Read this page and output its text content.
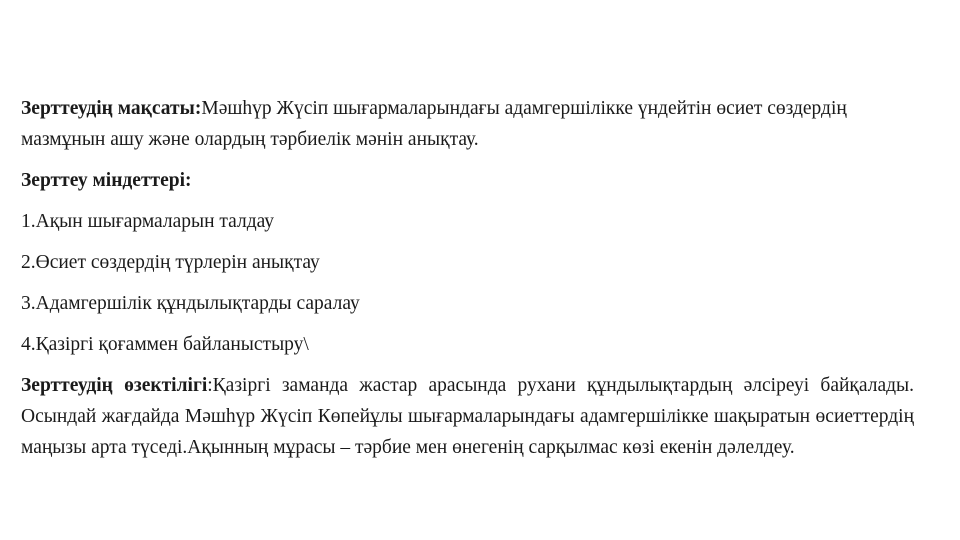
Зерттеудің мақсаты:Мәшһүр Жүсіп шығармаларындағы адамгершілікке үндейтін өсиет сөздердің мазмұнын ашу және олардың тәрбиелік мәнін анықтау.

Зерттеу міндеттері:

1.Ақын шығармаларын талдау

2.Өсиет сөздердің түрлерін анықтау

3.Адамгершілік құндылықтарды саралау

4.Қазіргі қоғаммен байланыстыру\

Зерттеудің өзектілігі:Қазіргі заманда жастар арасында рухани құндылықтардың әлсіреуі байқалады. Осындай жағдайда Мәшһүр Жүсіп Көпейұлы шығармаларындағы адамгершілікке шақыратын өсиеттердің маңызы арта түседі.Ақынның мұрасы – тәрбие мен өнегенің сарқылмас көзі екенін дәлелдеу.
